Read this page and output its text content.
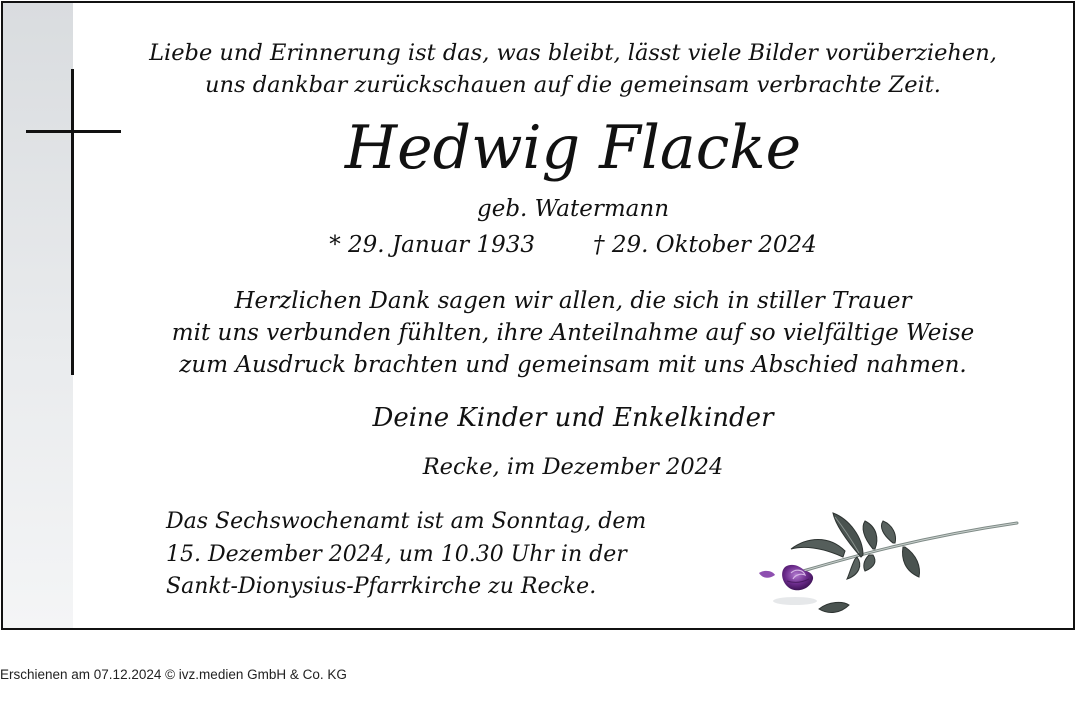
Liebe und Erinnerung ist das, was bleibt, lässt viele Bilder vorüberziehen,
uns dankbar zurückschauen auf die gemeinsam verbrachte Zeit.
Hedwig Flacke
geb. Watermann
* 29. Januar 1933	† 29. Oktober 2024
Herzlichen Dank sagen wir allen, die sich in stiller Trauer
mit uns verbunden fühlten, ihre Anteilnahme auf so vielfältige Weise
zum Ausdruck brachten und gemeinsam mit uns Abschied nahmen.
Deine Kinder und Enkelkinder
Recke, im Dezember 2024
Das Sechswochenamt ist am Sonntag, dem
15. Dezember 2024, um 10.30 Uhr in der
Sankt-Dionysius-Pfarrkirche zu Recke.
Erschienen am 07.12.2024 © ivz.medien GmbH & Co. KG
